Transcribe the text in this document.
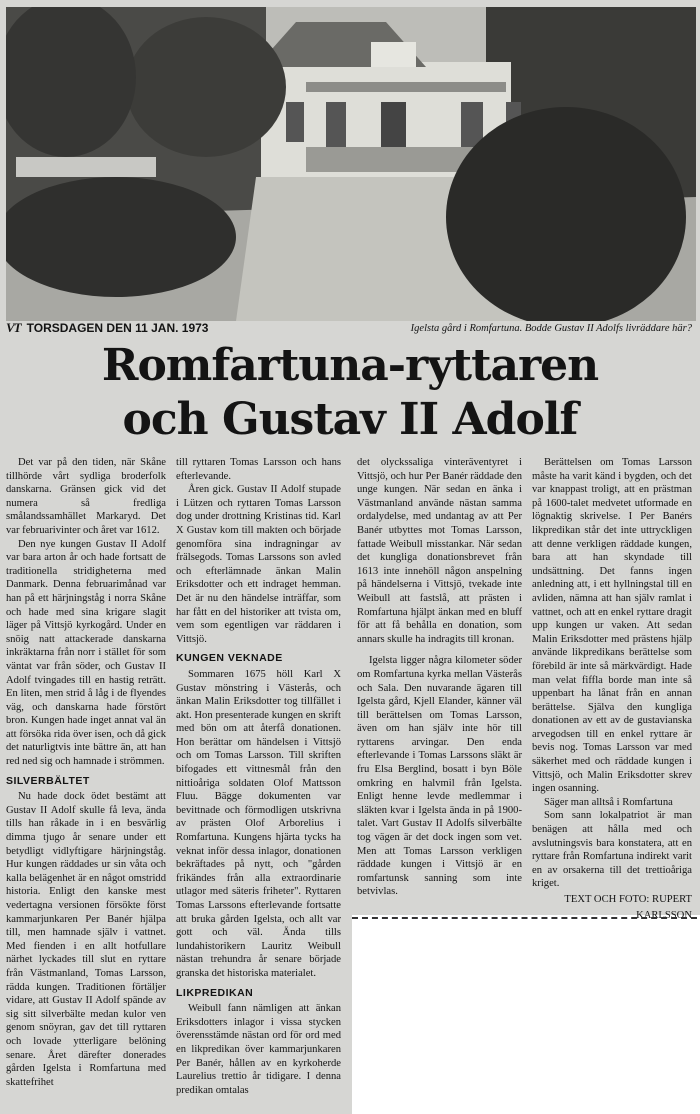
VT TORSDAGEN DEN 11 JAN. 1973	Igelsta gård i Romfartuna. Bodde Gustav II Adolfs livräddare här?
Romfartuna-ryttaren
och Gustav II Adolf

Det var på den tiden, när Skåne tillhörde vårt sydliga broderfolk danskarna. Gränsen gick vid det numera så fredliga smålandssamhället Markaryd. Det var februarivinter och året var 1612.

Den nye kungen Gustav II Adolf var bara arton år och hade fortsatt de traditionella stridigheterna med Danmark. Denna februarimånad var han på ett härjningståg i norra Skåne och hade med sina krigare slagit läger på Vittsjö kyrkogård. Under en snöig natt attackerade danskarna inkräktarna från norr i stället för som väntat var från söder, och Gustav II Adolf tvingades till en hastig reträtt. En liten, men strid å låg i de flyendes väg, och danskarna hade förstört bron. Kungen hade inget annat val än att försöka rida över isen, och då gick det naturligtvis inte bättre än, att han red ned sig och hamnade i strömmen.

SILVERBÄLTET

Nu hade dock ödet bestämt att Gustav II Adolf skulle få leva, ända tills han råkade in i en besvärlig dimma tjugo år senare under ett betydligt vidlyftigare härjningståg. Hur kungen räddades ur sin våta och kalla belägenhet är en något omstridd historia. Enligt den kanske mest vedertagna versionen försökte först kammarjunkaren Per Banér hjälpa till, men hamnade själv i vattnet. Med fienden i en allt hotfullare närhet lyckades till slut en ryttare från Västmanland, Tomas Larsson, rädda kungen. Traditionen förtäljer vidare, att Gustav II Adolf spände av sig sitt silverbälte medan kulor ven genom snöyran, gav det till ryttaren och lovade ytterligare belöning senare. Året därefter donerades gården Igelsta i Romfartuna med skattefrihet

till ryttaren Tomas Larsson och hans efterlevande.

Åren gick. Gustav II Adolf stupade i Lützen och ryttaren Tomas Larsson dog under drottning Kristinas tid. Karl X Gustav kom till makten och började genomföra sina indragningar av frälsegods. Tomas Larssons son avled och efterlämnade änkan Malin Eriksdotter och ett indraget hemman. Det är nu den händelse inträffar, som har fått en del historiker att tvista om, vem som egentligen var räddaren i Vittsjö.

KUNGEN VEKNADE

Sommaren 1675 höll Karl X Gustav mönstring i Västerås, och änkan Malin Eriksdotter tog tillfället i akt. Hon presenterade kungen en skrift med bön om att återfå donationen. Hon berättar om händelsen i Vittsjö och om Tomas Larsson. Till skriften bifogades ett vittnesmål från den nittioåriga soldaten Olof Mattsson Fluu. Bägge dokumenten var bevittnade och förmodligen utskrivna av prästen Olof Arborelius i Romfartuna. Kungens hjärta tycks ha veknat inför dessa inlagor, donationen bekräftades på nytt, och "gården frikändes från alla extraordinarie utlagor med säteris friheter". Ryttaren Tomas Larssons efterlevande fortsatte att bruka gården Igelsta, och allt var gott och väl. Ända tills lundahistorikern Lauritz Weibull nästan trehundra år senare började granska det historiska materialet.

LIKPREDIKAN

Weibull fann nämligen att änkan Eriksdotters inlagor i vissa stycken överensstämde nästan ord för ord med en likpredikan över kammarjunkaren Per Banér, hållen av en kyrkoherde Laurelius trettio år tidigare. I denna predikan omtalas

det olyckssaliga vinteräventyret i Vittsjö, och hur Per Banér räddade den unge kungen. När sedan en änka i Västmanland använde nästan samma ordalydelse, med undantag av att Per Banér utbyttes mot Tomas Larsson, fattade Weibull misstankar. När sedan det kungliga donationsbrevet från 1613 inte innehöll någon anspelning på händelserna i Vittsjö, tvekade inte Weibull att fastslå, att prästen i Romfartuna hjälpt änkan med en bluff för att få behålla en donation, som annars skulle ha indragits till kronan.

Igelsta ligger några kilometer söder om Romfartuna kyrka mellan Västerås och Sala. Den nuvarande ägaren till Igelsta gård, Kjell Elander, känner väl till berättelsen om Tomas Larsson, även om han själv inte hör till ryttarens arvingar. Den enda efterlevande i Tomas Larssons släkt är fru Elsa Berglind, bosatt i byn Böle omkring en halvmil från Igelsta. Enligt henne levde medlemmar i släkten kvar i Igelsta ända in på 1900-talet. Vart Gustav II Adolfs silverbälte tog vägen är det dock ingen som vet. Men att Tomas Larsson verkligen räddade kungen i Vittsjö är en romfartunsk sanning som inte betvivlas.

Berättelsen om Tomas Larsson måste ha varit känd i bygden, och det var knappast troligt, att en prästman på 1600-talet medvetet utformade en lögnaktig skrivelse. I Per Banérs likpredikan står det inte uttryckligen att denne verkligen räddade kungen, bara att han skyndade till undsättning. Det fanns ingen anledning att, i ett hyllningstal till en avliden, nämna att han själv ramlat i vattnet, och att en enkel ryttare dragit upp kungen ur vaken. Att sedan Malin Eriksdotter med prästens hjälp använde likpredikans berättelse som förebild är inte så märkvärdigt. Hade man velat fiffla borde man inte så uppenbart ha lånat från en annan berättelse. Själva den kungliga donationen av ett av de gustavianska arvegodsen till en enkel ryttare är bevis nog. Tomas Larsson var med säkerhet med och räddade kungen i Vittsjö, och Malin Eriksdotter skrev ingen osanning.

Säger man alltså i Romfartuna

Som sann lokalpatriot är man benägen att hålla med och avslutningsvis bara konstatera, att en ryttare från Romfartuna indirekt varit en av orsakerna till det trettioåriga kriget.

TEXT OCH FOTO: RUPERT

KARLSSON
